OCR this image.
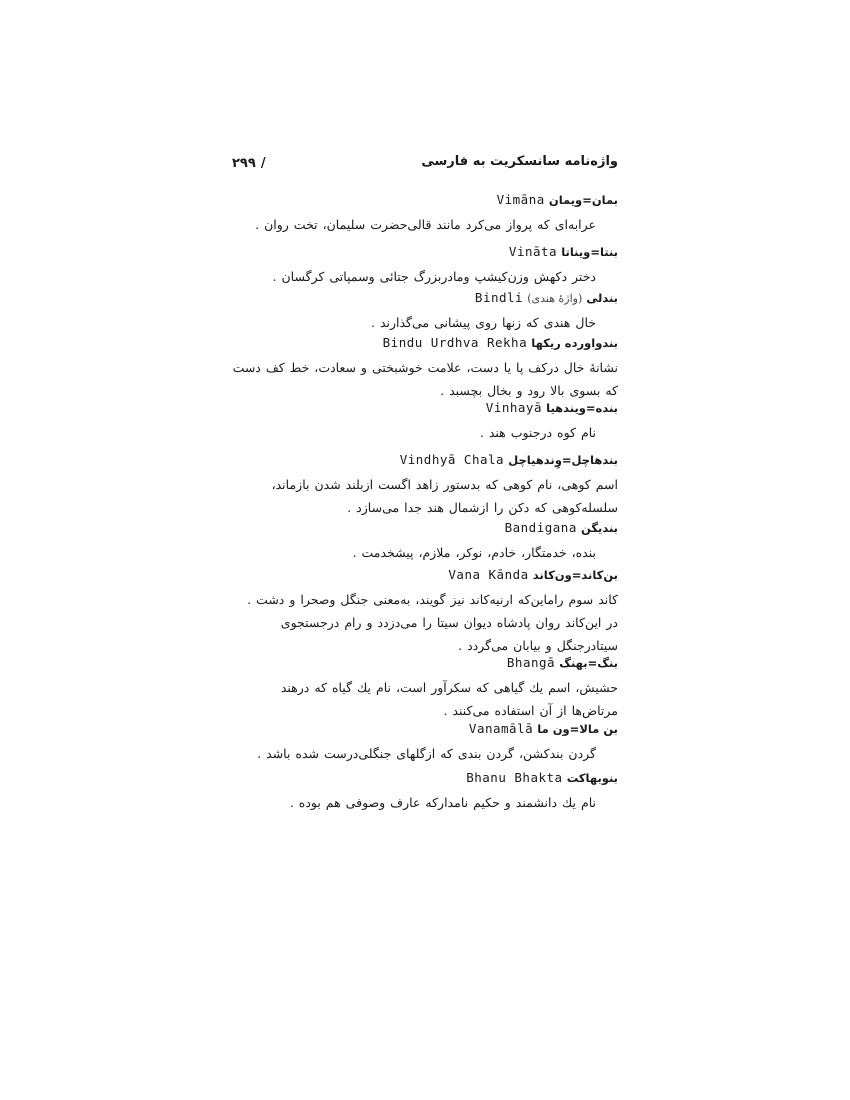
۲۹۹ /	واژه‌نامه سانسکریت به فارسی
بمان=ویمان Vimāna
عرابه‌ای که پرواز می‌کرد مانند قالی‌حضرت سلیمان، تخت روان .
بنتا=ویناتا Vināta
دختر دکهش وزن‌کیشپ ومادربزرگ جتائی وسمپاتی کرگسان .
بندلی (واژهٔ هندی) Bindli
خال هندی که زنها روی پیشانی می‌گذارند .
بندواورده ریکها Bindu Urdhva Rekha
نشانهٔ خال درکف پا یا دست، علامت خوشبختی و سعادت، خط کف دست که بسوی بالا رود و بخال بچسبد .
بنده=ویندهیا Vinhayā
نام کوه درجنوب هند .
بندهاچل=وِندهیاچل Vindhyā Chala
اسم کوهی، نام کوهی که بدستور زاهد اگست ازبلند شدن بازماند، سلسله‌کوهی که دکن را ازشمال هند جدا می‌سازد .
بندیگن Bandigana
بنده، خدمتگار، خادم، نوکر، ملازم، پیشخدمت .
بن‌کاند=ون‌کاند Vana Kānda
کاند سوم راماین‌که ارنیه‌کاند نیز گویند، به‌معنی جنگل وصحرا و دشت . در این‌کاند روان پادشاه دیوان سیتا را می‌دزدد و رام درجستجوی سیتادرجنگل و بیابان می‌گردد .
بنگ=بهنگ Bhangā
حشیش، اسم یك گیاهی که سکرآور است، نام یك گیاه که درهند مرتاض‌ها از آن استفاده می‌کنند .
بن مالا=ون ما Vanamālā
گردن بندکشن، گردن بندی که ازگلهای جنگلی‌درست شده باشد .
بنوبهاکت Bhanu Bhakta
نام یك دانشمند و حکیم نامدارکه عارف وصوفی هم بوده .
